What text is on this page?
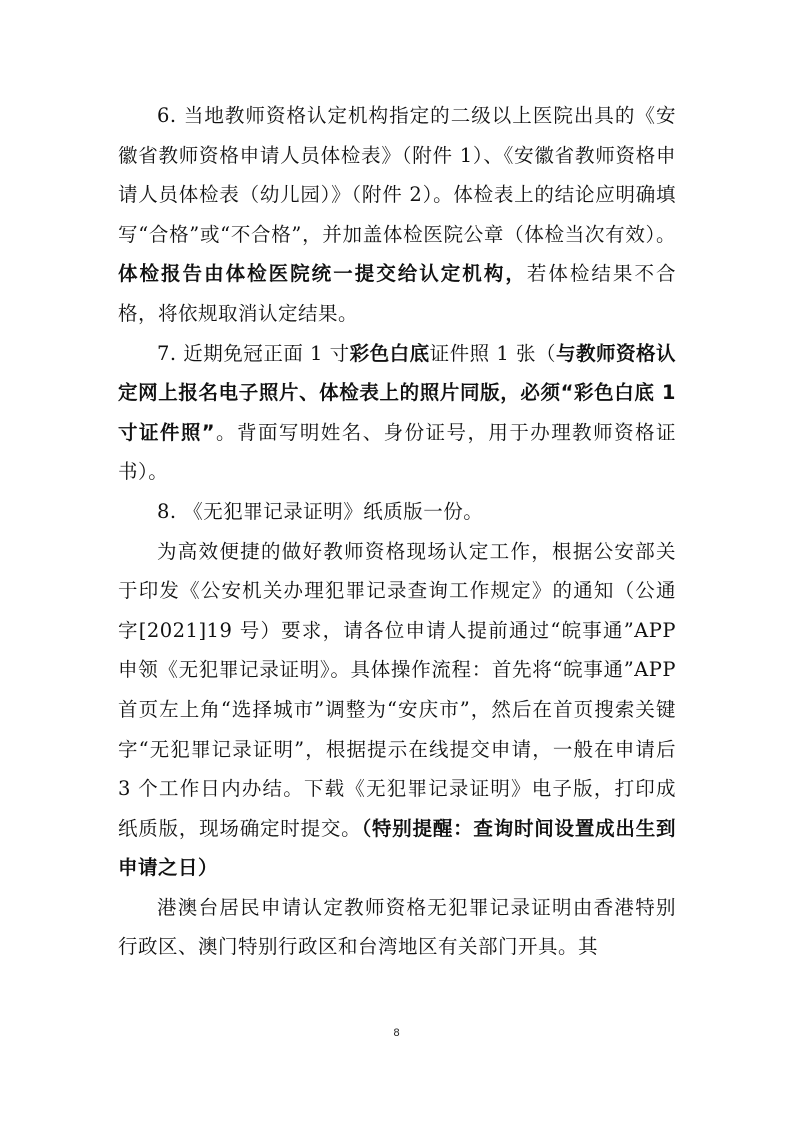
6. 当地教师资格认定机构指定的二级以上医院出具的《安徽省教师资格申请人员体检表》（附件 1）、《安徽省教师资格申请人员体检表（幼儿园）》（附件 2）。体检表上的结论应明确填写“合格”或“不合格”，并加盖体检医院公章（体检当次有效）。体检报告由体检医院统一提交给认定机构，若体检结果不合格，将依规取消认定结果。

7. 近期免冠正面 1 寸彩色白底证件照 1 张（与教师资格认定网上报名电子照片、体检表上的照片同版，必须“彩色白底 1 寸证件照”。背面写明姓名、身份证号，用于办理教师资格证书）。

8. 《无犯罪记录证明》纸质版一份。

为高效便捷的做好教师资格现场认定工作，根据公安部关于印发《公安机关办理犯罪记录查询工作规定》的通知（公通字[2021]19 号）要求，请各位申请人提前通过“皖事通”APP 申领《无犯罪记录证明》。具体操作流程：首先将“皖事通”APP 首页左上角“选择城市”调整为“安庆市”，然后在首页搜索关键字“无犯罪记录证明”，根据提示在线提交申请，一般在申请后 3 个工作日内办结。下载《无犯罪记录证明》电子版，打印成纸质版，现场确定时提交。（特别提醒：查询时间设置成出生到申请之日）

港澳台居民申请认定教师资格无犯罪记录证明由香港特别行政区、澳门特别行政区和台湾地区有关部门开具。其

8
